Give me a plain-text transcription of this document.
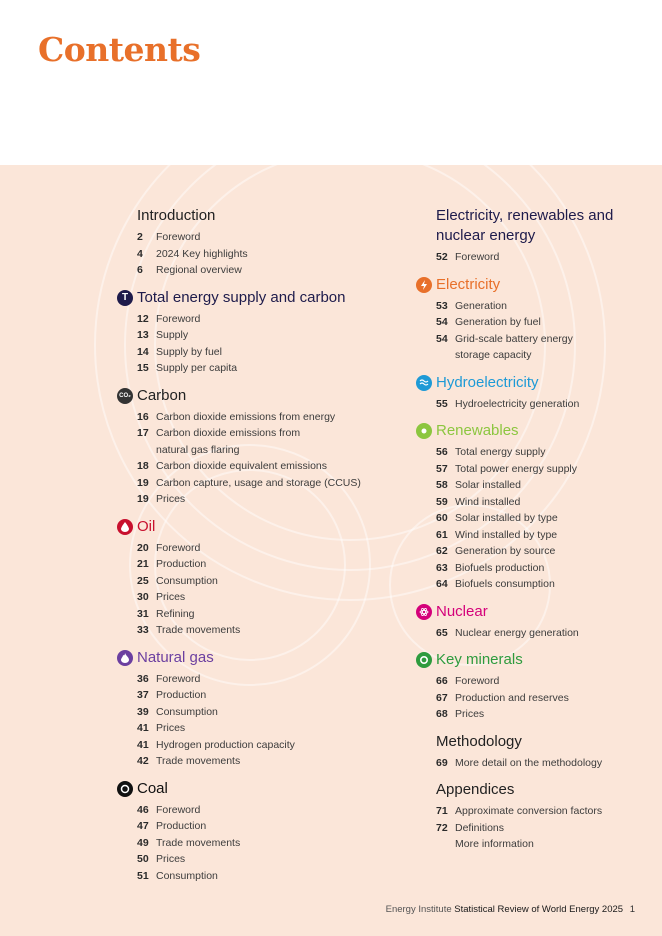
Contents
Introduction
2	Foreword
4	2024 Key highlights
6	Regional overview
T Total energy supply and carbon
12 Foreword
13 Supply
14 Supply by fuel
15 Supply per capita
CO₂ Carbon
16 Carbon dioxide emissions from energy
17 Carbon dioxide emissions from natural gas flaring
18 Carbon dioxide equivalent emissions
19 Carbon capture, usage and storage (CCUS)
19 Prices
Oil
20 Foreword
21 Production
25 Consumption
30 Prices
31 Refining
33 Trade movements
Natural gas
36 Foreword
37 Production
39 Consumption
41 Prices
41 Hydrogen production capacity
42 Trade movements
Coal
46 Foreword
47 Production
49 Trade movements
50 Prices
51 Consumption
Electricity, renewables and nuclear energy
52 Foreword
Electricity
53 Generation
54 Generation by fuel
54 Grid-scale battery energy storage capacity
Hydroelectricity
55 Hydroelectricity generation
Renewables
56 Total energy supply
57 Total power energy supply
58 Solar installed
59 Wind installed
60 Solar installed by type
61 Wind installed by type
62 Generation by source
63 Biofuels production
64 Biofuels consumption
Nuclear
65 Nuclear energy generation
Key minerals
66 Foreword
67 Production and reserves
68 Prices
Methodology
69 More detail on the methodology
Appendices
71 Approximate conversion factors
72 Definitions
More information
Energy Institute Statistical Review of World Energy 2025 1
